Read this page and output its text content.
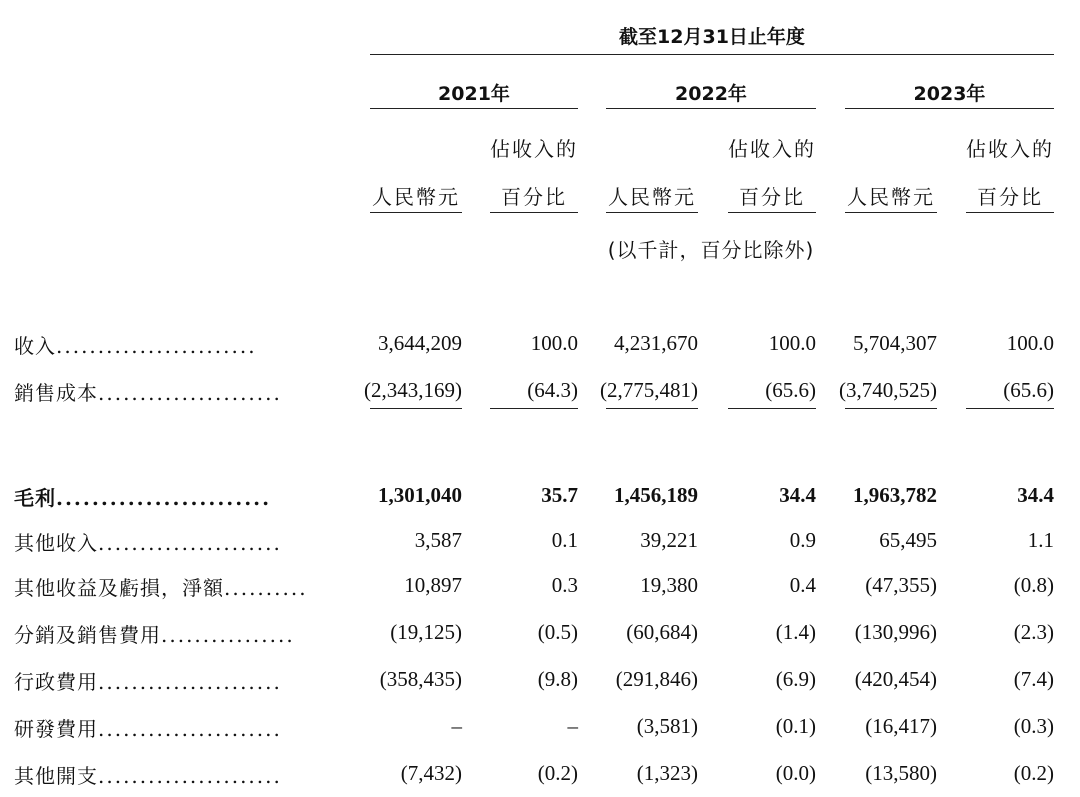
截至12月31日止年度
2021年	2022年	2023年
佔收入的	佔收入的	佔收入的
人民幣元	百分比	人民幣元	百分比	人民幣元	百分比
(以千計，百分比除外)
收入........................	3,644,209	100.0	4,231,670	100.0	5,704,307	100.0
銷售成本......................	(2,343,169)	(64.3)	(2,775,481)	(65.6)	(3,740,525)	(65.6)
毛利........................	1,301,040	35.7	1,456,189	34.4	1,963,782	34.4
其他收入......................	3,587	0.1	39,221	0.9	65,495	1.1
其他收益及虧損，淨額..........	10,897	0.3	19,380	0.4	(47,355)	(0.8)
分銷及銷售費用................	(19,125)	(0.5)	(60,684)	(1.4)	(130,996)	(2.3)
行政費用......................	(358,435)	(9.8)	(291,846)	(6.9)	(420,454)	(7.4)
研發費用......................	–	–	(3,581)	(0.1)	(16,417)	(0.3)
其他開支......................	(7,432)	(0.2)	(1,323)	(0.0)	(13,580)	(0.2)
